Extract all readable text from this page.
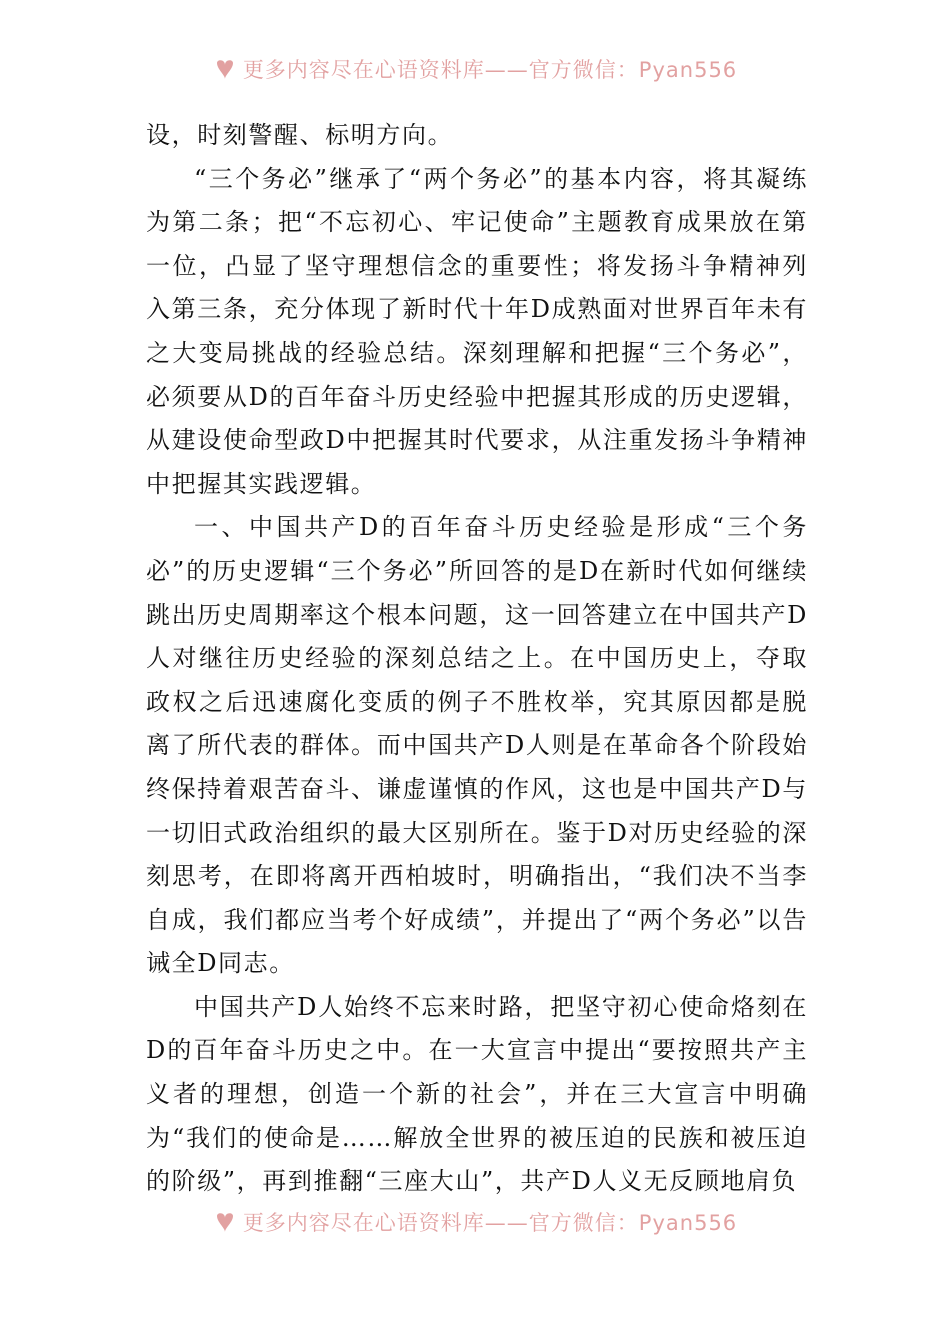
更多内容尽在心语资料库——官方微信：Pyan556

设，时刻警醒、标明方向。

“三个务必”继承了“两个务必”的基本内容，将其凝练为第二条；把“不忘初心、牢记使命”主题教育成果放在第一位，凸显了坚守理想信念的重要性；将发扬斗争精神列入第三条，充分体现了新时代十年D成熟面对世界百年未有之大变局挑战的经验总结。深刻理解和把握“三个务必”，必须要从D的百年奋斗历史经验中把握其形成的历史逻辑，从建设使命型政D中把握其时代要求，从注重发扬斗争精神中把握其实践逻辑。

一、中国共产D的百年奋斗历史经验是形成“三个务必”的历史逻辑“三个务必”所回答的是D在新时代如何继续跳出历史周期率这个根本问题，这一回答建立在中国共产D人对继往历史经验的深刻总结之上。在中国历史上，夺取政权之后迅速腐化变质的例子不胜枚举，究其原因都是脱离了所代表的群体。而中国共产D人则是在革命各个阶段始终保持着艰苦奋斗、谦虚谨慎的作风，这也是中国共产D与一切旧式政治组织的最大区别所在。鉴于D对历史经验的深刻思考，在即将离开西柏坡时，明确指出，“我们决不当李自成，我们都应当考个好成绩”，并提出了“两个务必”以告诫全D同志。

中国共产D人始终不忘来时路，把坚守初心使命烙刻在D的百年奋斗历史之中。在一大宣言中提出“要按照共产主义者的理想，创造一个新的社会”，并在三大宣言中明确为“我们的使命是……解放全世界的被压迫的民族和被压迫的阶级”，再到推翻“三座大山”，共产D人义无反顾地肩负

更多内容尽在心语资料库——官方微信：Pyan556
